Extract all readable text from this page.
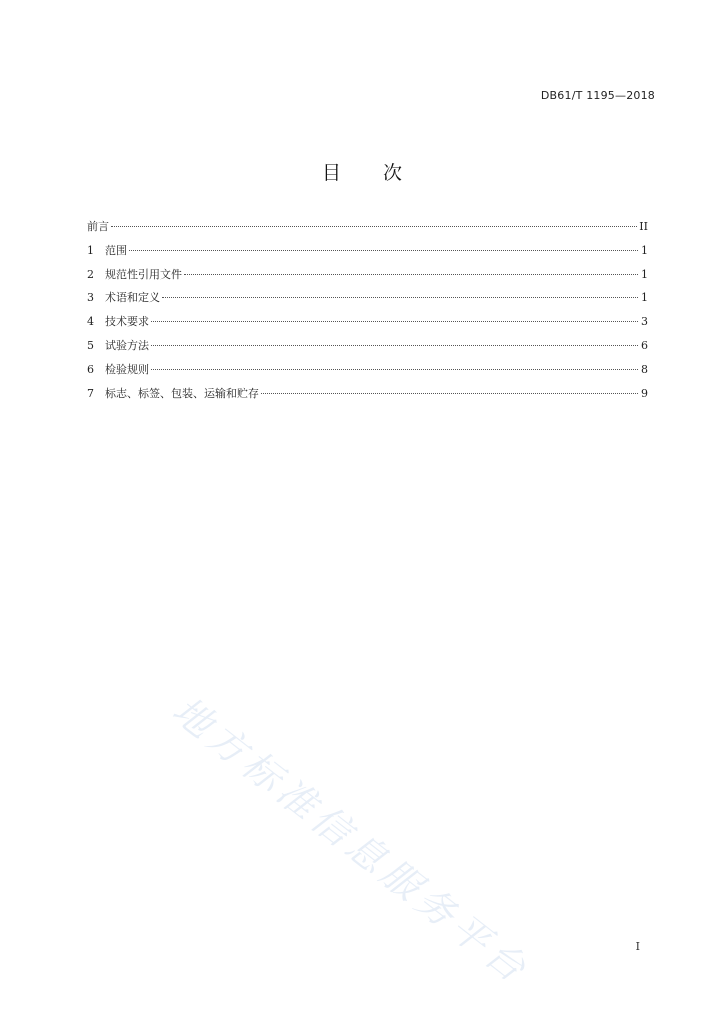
DB61/T 1195—2018
目 次
前言	II
1	范围	1
2	规范性引用文件	1
3	术语和定义	1
4	技术要求	3
5	试验方法	6
6	检验规则	8
7	标志、标签、包装、运输和贮存	9
地方标准信息服务平台	I
